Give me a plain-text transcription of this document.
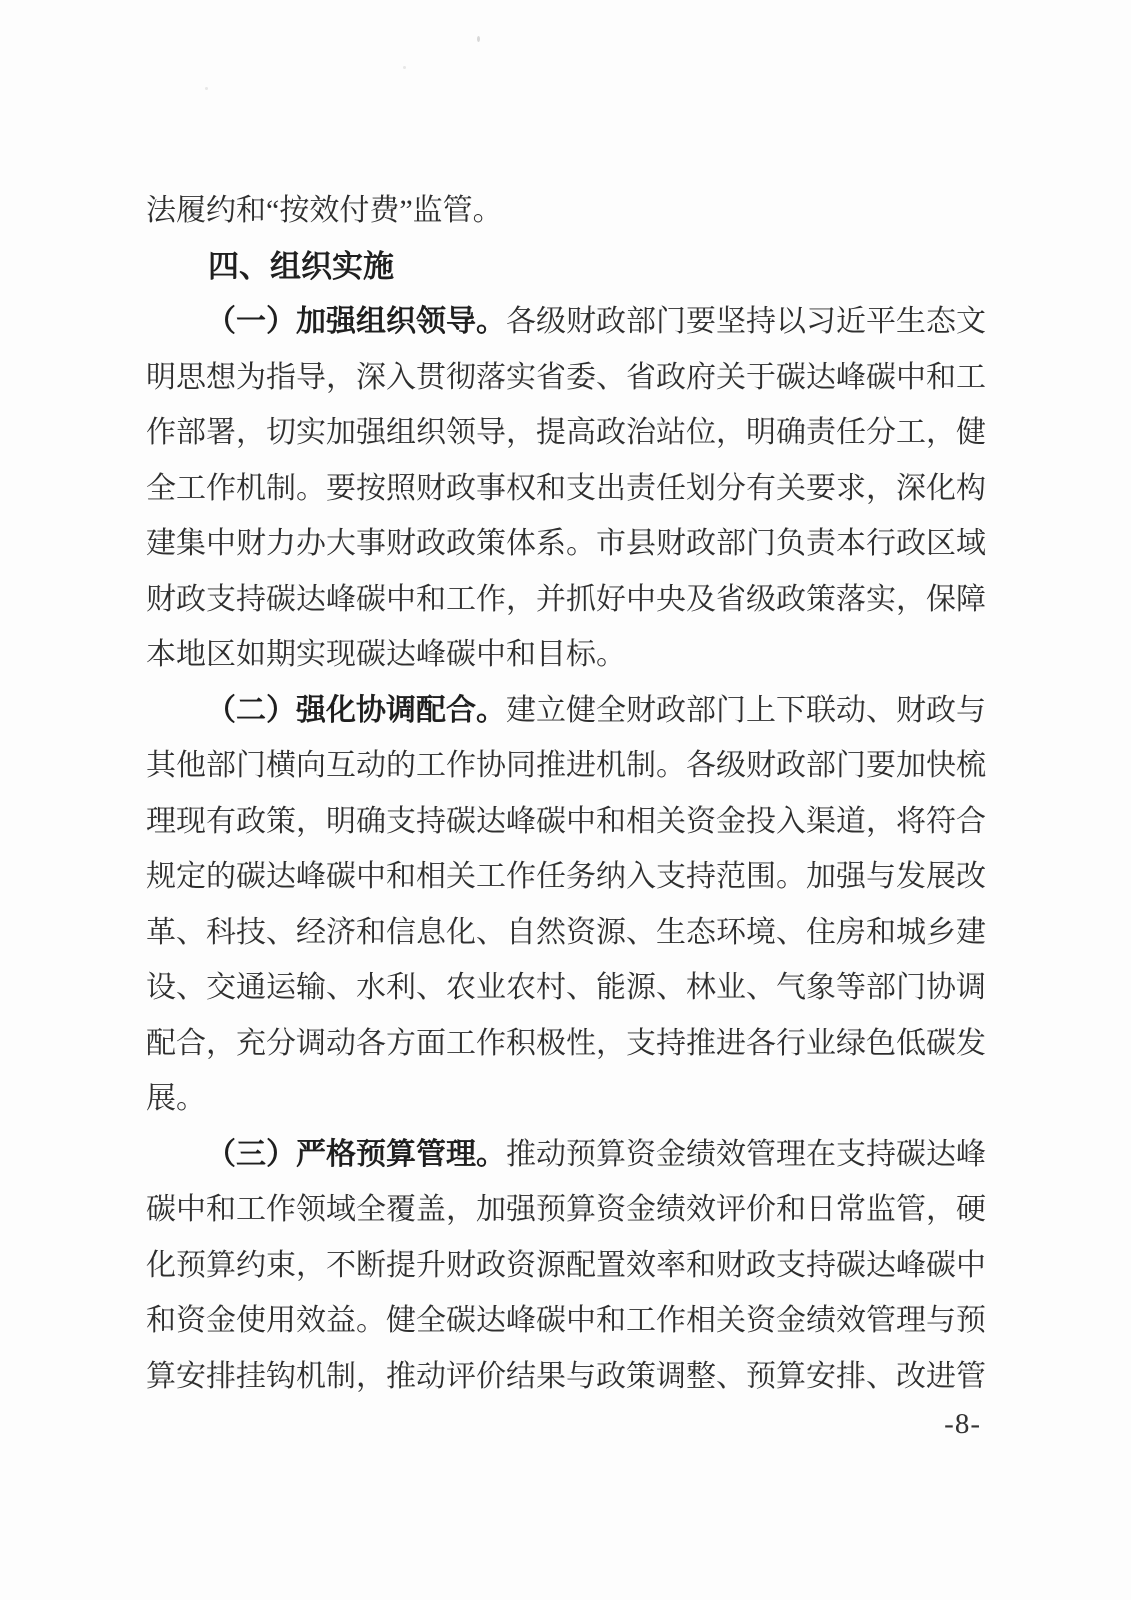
法履约和“按效付费”监管。

四、组织实施

（一）加强组织领导。各级财政部门要坚持以习近平生态文明思想为指导，深入贯彻落实省委、省政府关于碳达峰碳中和工作部署，切实加强组织领导，提高政治站位，明确责任分工，健全工作机制。要按照财政事权和支出责任划分有关要求，深化构建集中财力办大事财政政策体系。市县财政部门负责本行政区域财政支持碳达峰碳中和工作，并抓好中央及省级政策落实，保障本地区如期实现碳达峰碳中和目标。

（二）强化协调配合。建立健全财政部门上下联动、财政与其他部门横向互动的工作协同推进机制。各级财政部门要加快梳理现有政策，明确支持碳达峰碳中和相关资金投入渠道，将符合规定的碳达峰碳中和相关工作任务纳入支持范围。加强与发展改革、科技、经济和信息化、自然资源、生态环境、住房和城乡建设、交通运输、水利、农业农村、能源、林业、气象等部门协调配合，充分调动各方面工作积极性，支持推进各行业绿色低碳发展。

（三）严格预算管理。推动预算资金绩效管理在支持碳达峰碳中和工作领域全覆盖，加强预算资金绩效评价和日常监管，硬化预算约束，不断提升财政资源配置效率和财政支持碳达峰碳中和资金使用效益。健全碳达峰碳中和工作相关资金绩效管理与预算安排挂钩机制，推动评价结果与政策调整、预算安排、改进管

-8-
